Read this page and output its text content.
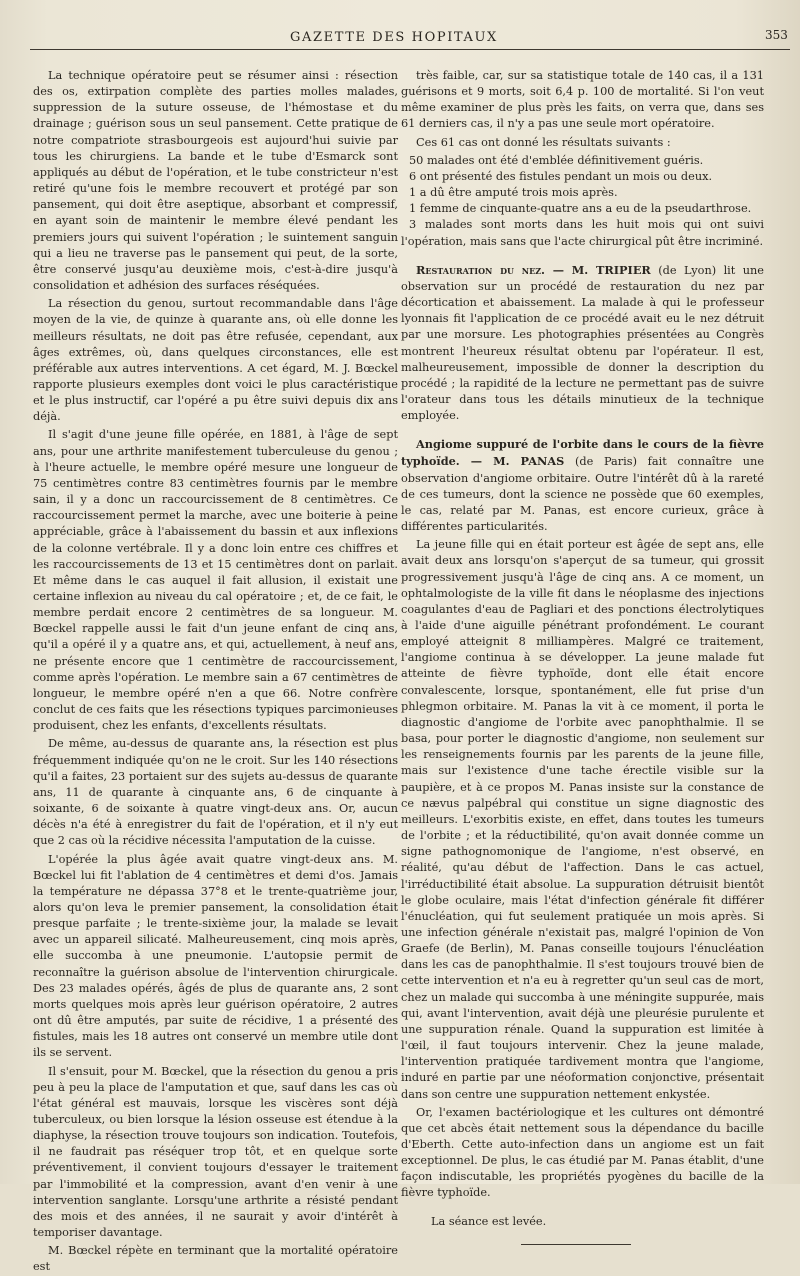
GAZETTE DES HOPITAUX	353

La technique opératoire peut se résumer ainsi : résection des os, extirpation complète des parties molles malades, suppression de la suture osseuse, de l'hémostase et du drainage ; guérison sous un seul pansement. Cette pratique de notre compatriote strasbourgeois est aujourd'hui suivie par tous les chirurgiens. La bande et le tube d'Esmarck sont appliqués au début de l'opération, et le tube constricteur n'est retiré qu'une fois le membre recouvert et protégé par son pansement, qui doit être aseptique, absorbant et compressif, en ayant soin de maintenir le membre élevé pendant les premiers jours qui suivent l'opération ; le suintement sanguin qui a lieu ne traverse pas le pansement qui peut, de la sorte, être conservé jusqu'au deuxième mois, c'est-à-dire jusqu'à consolidation et adhésion des surfaces réséquées.

La résection du genou, surtout recommandable dans l'âge moyen de la vie, de quinze à quarante ans, où elle donne les meilleurs résultats, ne doit pas être refusée, cependant, aux âges extrêmes, où, dans quelques circonstances, elle est préférable aux autres interventions. A cet égard, M. J. Bœckel rapporte plusieurs exemples dont voici le plus caractéristique et le plus instructif, car l'opéré a pu être suivi depuis dix ans déjà.

Il s'agit d'une jeune fille opérée, en 1881, à l'âge de sept ans, pour une arthrite manifestement tuberculeuse du genou ; à l'heure actuelle, le membre opéré mesure une longueur de 75 centimètres contre 83 centimètres fournis par le membre sain, il y a donc un raccourcissement de 8 centimètres. Ce raccourcissement permet la marche, avec une boiterie à peine appréciable, grâce à l'abaissement du bassin et aux inflexions de la colonne vertébrale. Il y a donc loin entre ces chiffres et les raccourcissements de 13 et 15 centimètres dont on parlait. Et même dans le cas auquel il fait allusion, il existait une certaine inflexion au niveau du cal opératoire ; et, de ce fait, le membre perdait encore 2 centimètres de sa longueur. M. Bœckel rappelle aussi le fait d'un jeune enfant de cinq ans, qu'il a opéré il y a quatre ans, et qui, actuellement, à neuf ans, ne présente encore que 1 centimètre de raccourcissement, comme après l'opération. Le membre sain a 67 centimètres de longueur, le membre opéré n'en a que 66. Notre confrère conclut de ces faits que les résections typiques parcimonieuses produisent, chez les enfants, d'excellents résultats.

De même, au-dessus de quarante ans, la résection est plus fréquemment indiquée qu'on ne le croit. Sur les 140 résections qu'il a faites, 23 portaient sur des sujets au-dessus de quarante ans, 11 de quarante à cinquante ans, 6 de cinquante à soixante, 6 de soixante à quatre vingt-deux ans. Or, aucun décès n'a été à enregistrer du fait de l'opération, et il n'y eut que 2 cas où la récidive nécessita l'amputation de la cuisse.

L'opérée la plus âgée avait quatre vingt-deux ans. M. Bœckel lui fit l'ablation de 4 centimètres et demi d'os. Jamais la température ne dépassa 37°8 et le trente-quatrième jour, alors qu'on leva le premier pansement, la consolidation était presque parfaite ; le trente-sixième jour, la malade se levait avec un appareil silicaté. Malheureusement, cinq mois après, elle succomba à une pneumonie. L'autopsie permit de reconnaître la guérison absolue de l'intervention chirurgicale. Des 23 malades opérés, âgés de plus de quarante ans, 2 sont morts quelques mois après leur guérison opératoire, 2 autres ont dû être amputés, par suite de récidive, 1 a présenté des fistules, mais les 18 autres ont conservé un membre utile dont ils se servent.

Il s'ensuit, pour M. Bœckel, que la résection du genou a pris peu à peu la place de l'amputation et que, sauf dans les cas où l'état général est mauvais, lorsque les viscères sont déjà tuberculeux, ou bien lorsque la lésion osseuse est étendue à la diaphyse, la résection trouve toujours son indication. Toutefois, il ne faudrait pas réséquer trop tôt, et en quelque sorte préventivement, il convient toujours d'essayer le traitement par l'immobilité et la compression, avant d'en venir à une intervention sanglante. Lorsqu'une arthrite a résisté pendant des mois et des années, il ne saurait y avoir d'intérêt à temporiser davantage.

M. Bœckel répète en terminant que la mortalité opératoire est

très faible, car, sur sa statistique totale de 140 cas, il a 131 guérisons et 9 morts, soit 6,4 p. 100 de mortalité. Si l'on veut même examiner de plus près les faits, on verra que, dans ses 61 derniers cas, il n'y a pas une seule mort opératoire.

Ces 61 cas ont donné les résultats suivants :

50 malades ont été d'emblée définitivement guéris.

6 ont présenté des fistules pendant un mois ou deux.

1 a dû être amputé trois mois après.

1 femme de cinquante-quatre ans a eu de la pseudarthrose.

3 malades sont morts dans les huit mois qui ont suivi l'opération, mais sans que l'acte chirurgical pût être incriminé.

Restauration du nez. — M. TRIPIER (de Lyon) lit une observation sur un procédé de restauration du nez par décortication et abaissement. La malade à qui le professeur lyonnais fit l'application de ce procédé avait eu le nez détruit par une morsure. Les photographies présentées au Congrès montrent l'heureux résultat obtenu par l'opérateur. Il est, malheureusement, impossible de donner la description du procédé ; la rapidité de la lecture ne permettant pas de suivre l'orateur dans tous les détails minutieux de la technique employée.

Angiome suppuré de l'orbite dans le cours de la fièvre typhoïde. — M. PANAS (de Paris) fait connaître une observation d'angiome orbitaire. Outre l'intérêt dû à la rareté de ces tumeurs, dont la science ne possède que 60 exemples, le cas, relaté par M. Panas, est encore curieux, grâce à différentes particularités.

La jeune fille qui en était porteur est âgée de sept ans, elle avait deux ans lorsqu'on s'aperçut de sa tumeur, qui grossit progressivement jusqu'à l'âge de cinq ans. A ce moment, un ophtalmologiste de la ville fit dans le néoplasme des injections coagulantes d'eau de Pagliari et des ponctions électrolytiques à l'aide d'une aiguille pénétrant profondément. Le courant employé atteignit 8 milliampères. Malgré ce traitement, l'angiome continua à se développer. La jeune malade fut atteinte de fièvre typhoïde, dont elle était encore convalescente, lorsque, spontanément, elle fut prise d'un phlegmon orbitaire. M. Panas la vit à ce moment, il porta le diagnostic d'angiome de l'orbite avec panophthalmie. Il se basa, pour porter le diagnostic d'angiome, non seulement sur les renseignements fournis par les parents de la jeune fille, mais sur l'existence d'une tache érectile visible sur la paupière, et à ce propos M. Panas insiste sur la constance de ce nævus palpébral qui constitue un signe diagnostic des meilleurs. L'exorbitis existe, en effet, dans toutes les tumeurs de l'orbite ; et la réductibilité, qu'on avait donnée comme un signe pathognomonique de l'angiome, n'est observé, en réalité, qu'au début de l'affection. Dans le cas actuel, l'irréductibilité était absolue. La suppuration détruisit bientôt le globe oculaire, mais l'état d'infection générale fit différer l'énucléation, qui fut seulement pratiquée un mois après. Si une infection générale n'existait pas, malgré l'opinion de Von Graefe (de Berlin), M. Panas conseille toujours l'énucléation dans les cas de panophthalmie. Il s'est toujours trouvé bien de cette intervention et n'a eu à regretter qu'un seul cas de mort, chez un malade qui succomba à une méningite suppurée, mais qui, avant l'intervention, avait déjà une pleurésie purulente et une suppuration rénale. Quand la suppuration est limitée à l'œil, il faut toujours intervenir. Chez la jeune malade, l'intervention pratiquée tardivement montra que l'angiome, induré en partie par une néoformation conjonctive, présentait dans son centre une suppuration nettement enkystée.

Or, l'examen bactériologique et les cultures ont démontré que cet abcès était nettement sous la dépendance du bacille d'Eberth. Cette auto-infection dans un angiome est un fait exceptionnel. De plus, le cas étudié par M. Panas établit, d'une façon indiscutable, les propriétés pyogènes du bacille de la fièvre typhoïde.

La séance est levée.
